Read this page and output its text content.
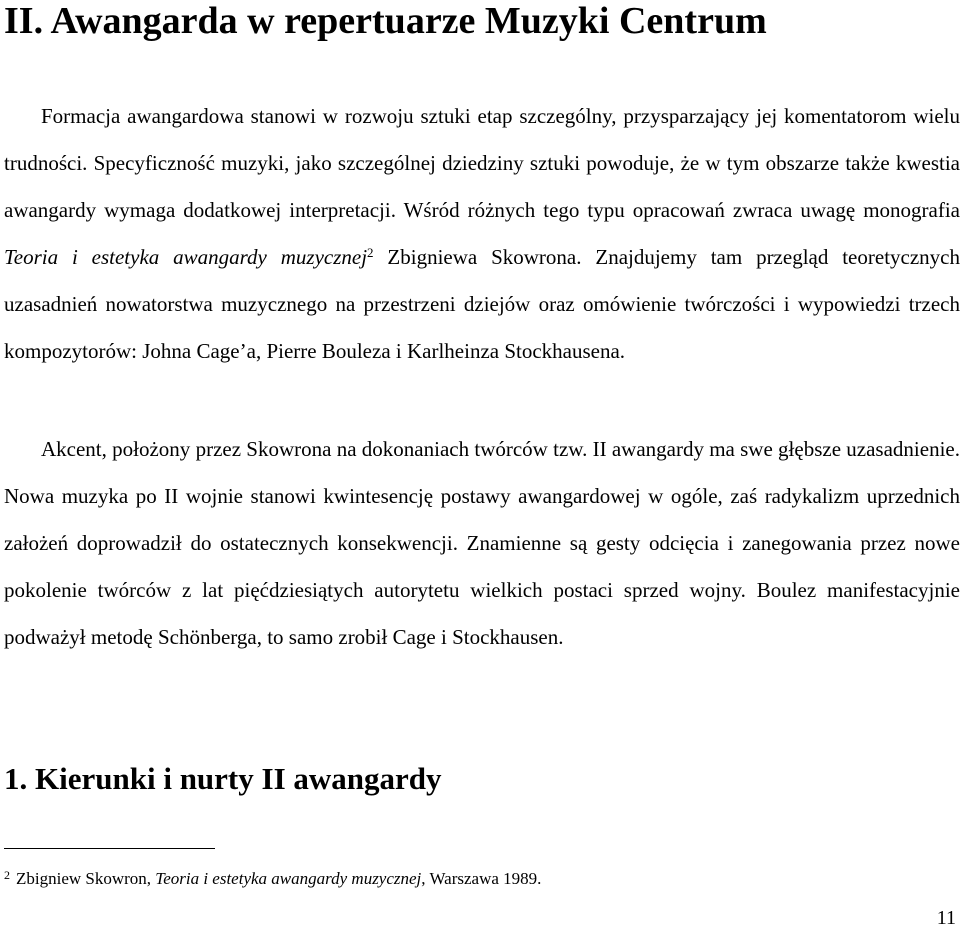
II. Awangarda w repertuarze Muzyki Centrum

Formacja awangardowa stanowi w rozwoju sztuki etap szczególny, przysparzający jej komentatorom wielu trudności. Specyficzność muzyki, jako szczególnej dziedziny sztuki powoduje, że w tym obszarze także kwestia awangardy wymaga dodatkowej interpretacji. Wśród różnych tego typu opracowań zwraca uwagę monografia Teoria i estetyka awangardy muzycznej$^2$ Zbigniewa Skowrona. Znajdujemy tam przegląd teoretycznych uzasadnień nowatorstwa muzycznego na przestrzeni dziejów oraz omówienie twórczości i wypowiedzi trzech kompozytorów: Johna Cage’a, Pierre Bouleza i Karlheinza Stockhausena.

Akcent, położony przez Skowrona na dokonaniach twórców tzw. II awangardy ma swe głębsze uzasadnienie. Nowa muzyka po II wojnie stanowi kwintesencję postawy awangardowej w ogóle, zaś radykalizm uprzednich założeń doprowadził do ostatecznych konsekwencji. Znamienne są gesty odcięcia i zanegowania przez nowe pokolenie twórców z lat pięćdziesiątych autorytetu wielkich postaci sprzed wojny. Boulez manifestacyjnie podważył metodę Schönberga, to samo zrobił Cage i Stockhausen.

1. Kierunki i nurty II awangardy

$^2$ Zbigniew Skowron, Teoria i estetyka awangardy muzycznej, Warszawa 1989.

11
